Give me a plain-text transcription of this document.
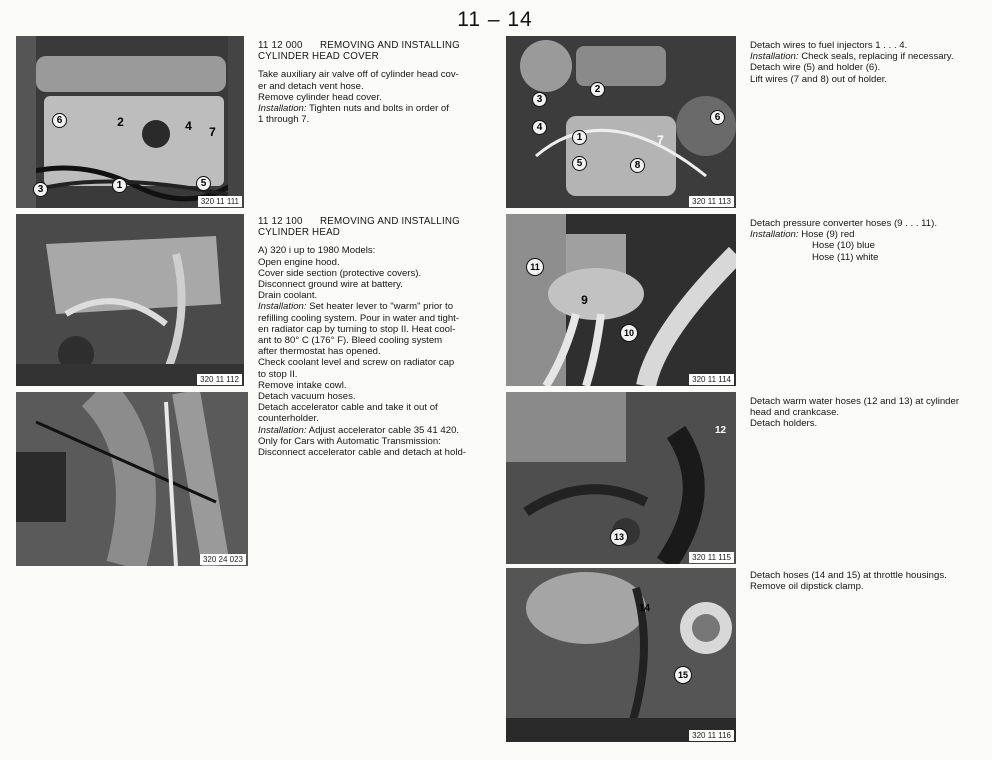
11 – 14
6	2	4 7
3	1	5
320 11 111
320 11 112
320 24 023

11 12 000 REMOVING AND INSTALLING

CYLINDER HEAD COVER

Take auxiliary air valve off of cylinder head cov-

er and detach vent hose.

Remove cylinder head cover.

Installation: Tighten nuts and bolts in order of

1 through 7.

11 12 100 REMOVING AND INSTALLING

CYLINDER HEAD

A) 320 i up to 1980 Models:

Open engine hood.

Cover side section (protective covers).

Disconnect ground wire at battery.

Drain coolant.

Installation: Set heater lever to "warm" prior to

refilling cooling system. Pour in water and tight-

en radiator cap by turning to stop II. Heat cool-

ant to 80° C (176° F). Bleed cooling system

after thermostat has opened.

Check coolant level and screw on radiator cap

to stop II.

Remove intake cowl.

Detach vacuum hoses.

Detach accelerator cable and take it out of

counterholder.

Installation: Adjust accelerator cable 35 41 420.

Only for Cars with Automatic Transmission:

Disconnect accelerator cable and detach at hold-

3
2
4
1
5	8
7
6
320 11 113
11
9
10
320 11 114
12
13
320 11 115
14
15
320 11 116

Detach wires to fuel injectors 1 . . . 4.

Installation: Check seals, replacing if necessary.

Detach wire (5) and holder (6).

Lift wires (7 and 8) out of holder.

Detach pressure converter hoses (9 . . . 11).

Installation: Hose (9) red

Hose (10) blue

Hose (11) white

Detach warm water hoses (12 and 13) at cylinder

head and crankcase.

Detach holders.

Detach hoses (14 and 15) at throttle housings.

Remove oil dipstick clamp.
